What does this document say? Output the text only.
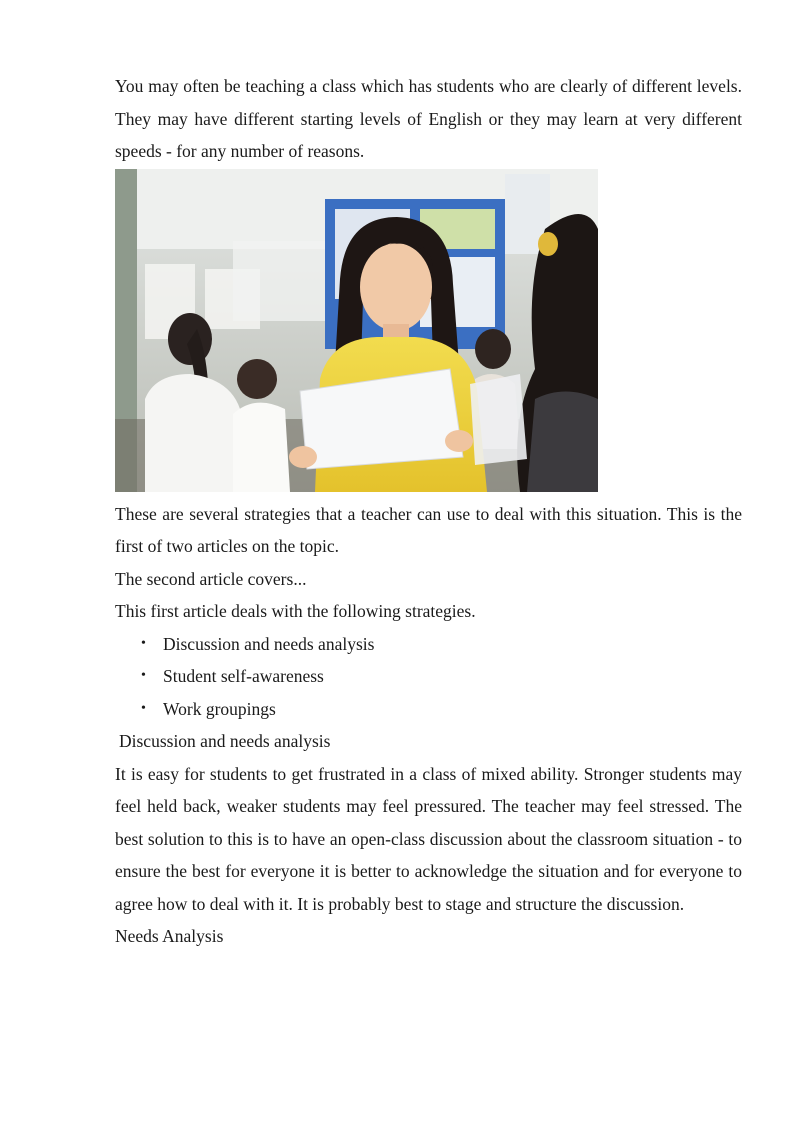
You may often be teaching a class which has students who are clearly of different levels. They may have different starting levels of English or they may learn at very different speeds - for any number of reasons.

These are several strategies that a teacher can use to deal with this situation. This is the first of two articles on the topic.

The second article covers...

This first article deals with the following strategies.

• Discussion and needs analysis
• Student self-awareness
• Work groupings

Discussion and needs analysis

It is easy for students to get frustrated in a class of mixed ability. Stronger students may feel held back, weaker students may feel pressured. The teacher may feel stressed. The best solution to this is to have an open-class discussion about the classroom situation - to ensure the best for everyone it is better to acknowledge the situation and for everyone to agree how to deal with it. It is probably best to stage and structure the discussion.

Needs Analysis
